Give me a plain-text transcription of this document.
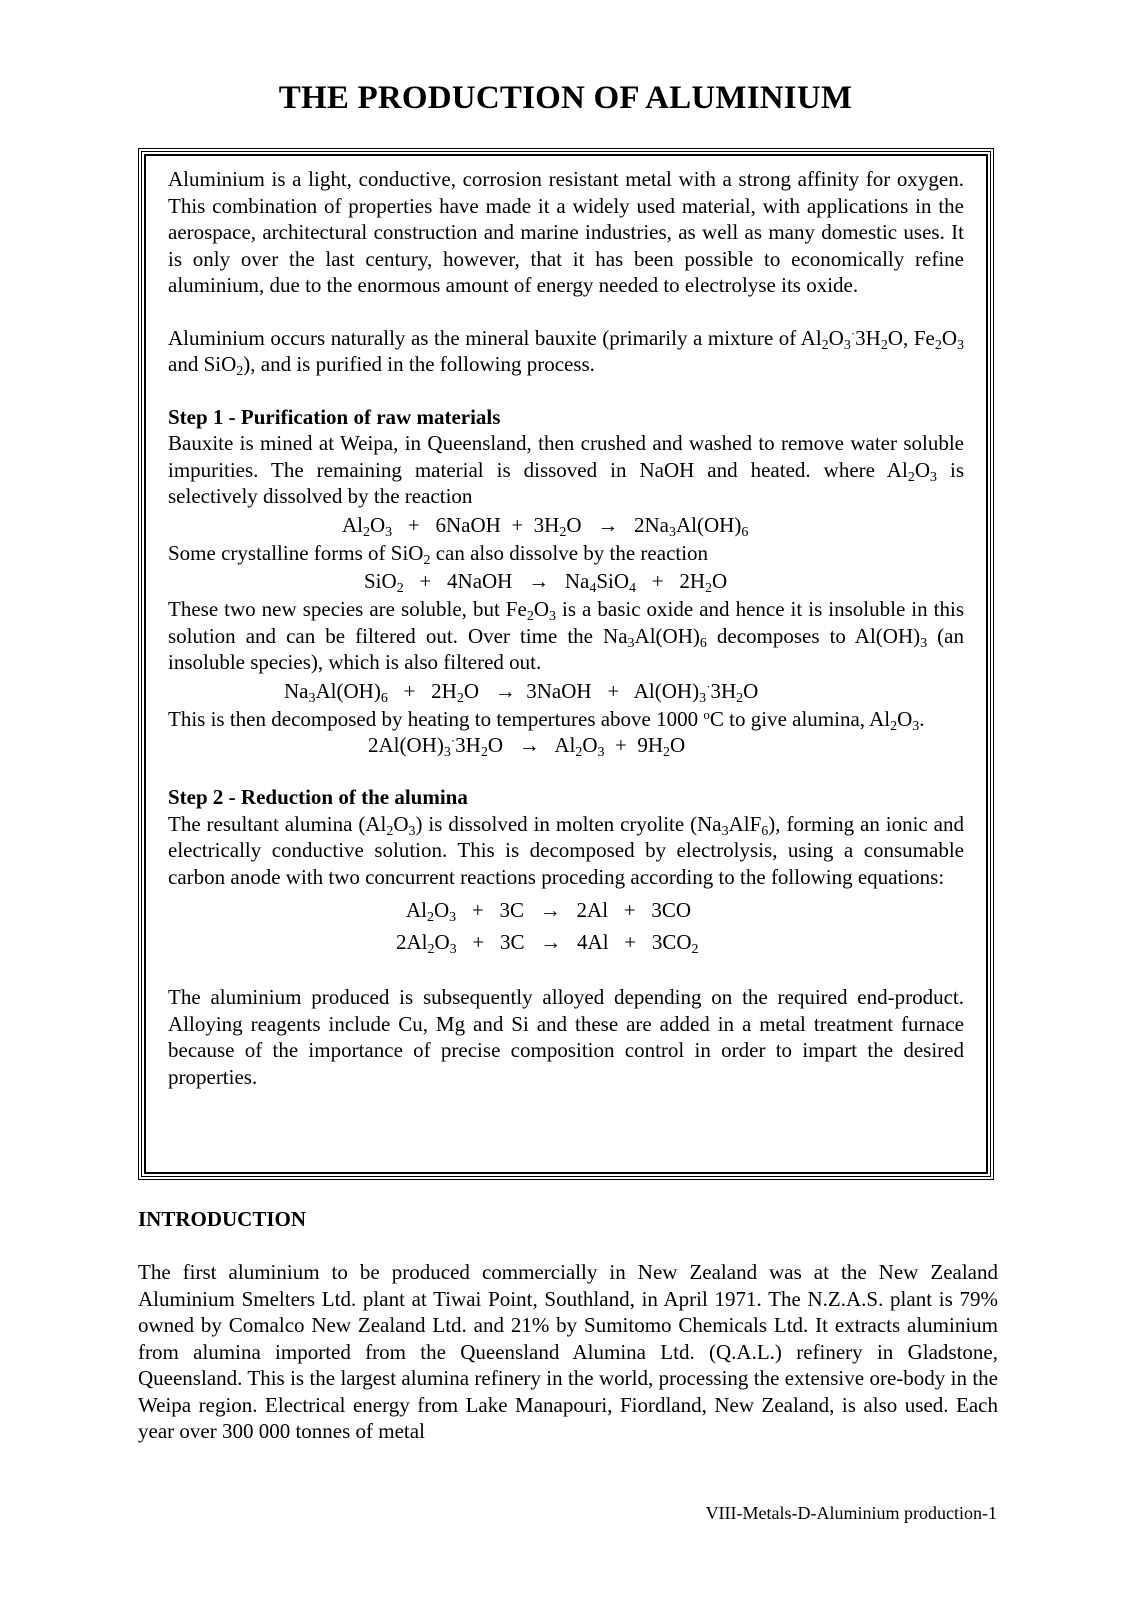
THE PRODUCTION OF ALUMINIUM

Aluminium is a light, conductive, corrosion resistant metal with a strong affinity for oxygen. This combination of properties have made it a widely used material, with applications in the aerospace, architectural construction and marine industries, as well as many domestic uses. It is only over the last century, however, that it has been possible to economically refine aluminium, due to the enormous amount of energy needed to electrolyse its oxide.

Aluminium occurs naturally as the mineral bauxite (primarily a mixture of $Al_2O_3^\cdot 3H_2O$, $Fe_2O_3$ and SiO$_2$), and is purified in the following process.

Step 1 - Purification of raw materials

Bauxite is mined at Weipa, in Queensland, then crushed and washed to remove water soluble impurities. The remaining material is dissoved in NaOH and heated. where $Al_2O_3$ is selectively dissolved by the reaction

$Al_2O_3$   +   6NaOH  +  $3H_2O \to 2Na_3Al(OH)_6$

Some crystalline forms of SiO$_2$ can also dissolve by the reaction

SiO$_2$   +   4NaOH   →   $Na_4SiO_4 + 2H_2O$

These two new species are soluble, but $Fe_2O_3$ is a basic oxide and hence it is insoluble in this solution and can be filtered out. Over time the $Na_3Al(OH)_6$ decomposes to $Al(OH)_3$ (an insoluble species), which is also filtered out.

$Na_3Al(OH)_6 + 2H_2O$   →  3NaOH   +   $Al(OH)_3^\cdot 3H_2O$

This is then decomposed by heating to tempertures above 1000 $^o$C to give alumina, $Al_2O_3$.

$2Al(OH)_3^\cdot 3H_2O \to Al_2O_3 + 9H_2O$

Step 2 - Reduction of the alumina

The resultant alumina $(Al_2O_3)$ is dissolved in molten cryolite $(Na_3AlF_6)$, forming an ionic and electrically conductive solution. This is decomposed by electrolysis, using a consumable carbon anode with two concurrent reactions proceding according to the following equations:

$Al_2O_3 + 3C \to 2Al + 3CO$

$2Al_2O_3 + 3C \to 4Al + 3CO_2$

The aluminium produced is subsequently alloyed depending on the required end-product. Alloying reagents include Cu, Mg and Si and these are added in a metal treatment furnace because of the importance of precise composition control in order to impart the desired properties.

INTRODUCTION

The first aluminium to be produced commercially in New Zealand was at the New Zealand Aluminium Smelters Ltd. plant at Tiwai Point, Southland, in April 1971. The N.Z.A.S. plant is 79% owned by Comalco New Zealand Ltd. and 21% by Sumitomo Chemicals Ltd. It extracts aluminium from alumina imported from the Queensland Alumina Ltd. (Q.A.L.) refinery in Gladstone, Queensland. This is the largest alumina refinery in the world, processing the extensive ore-body in the Weipa region. Electrical energy from Lake Manapouri, Fiordland, New Zealand, is also used. Each year over 300 000 tonnes of metal

VIII-Metals-D-Aluminium production-1
